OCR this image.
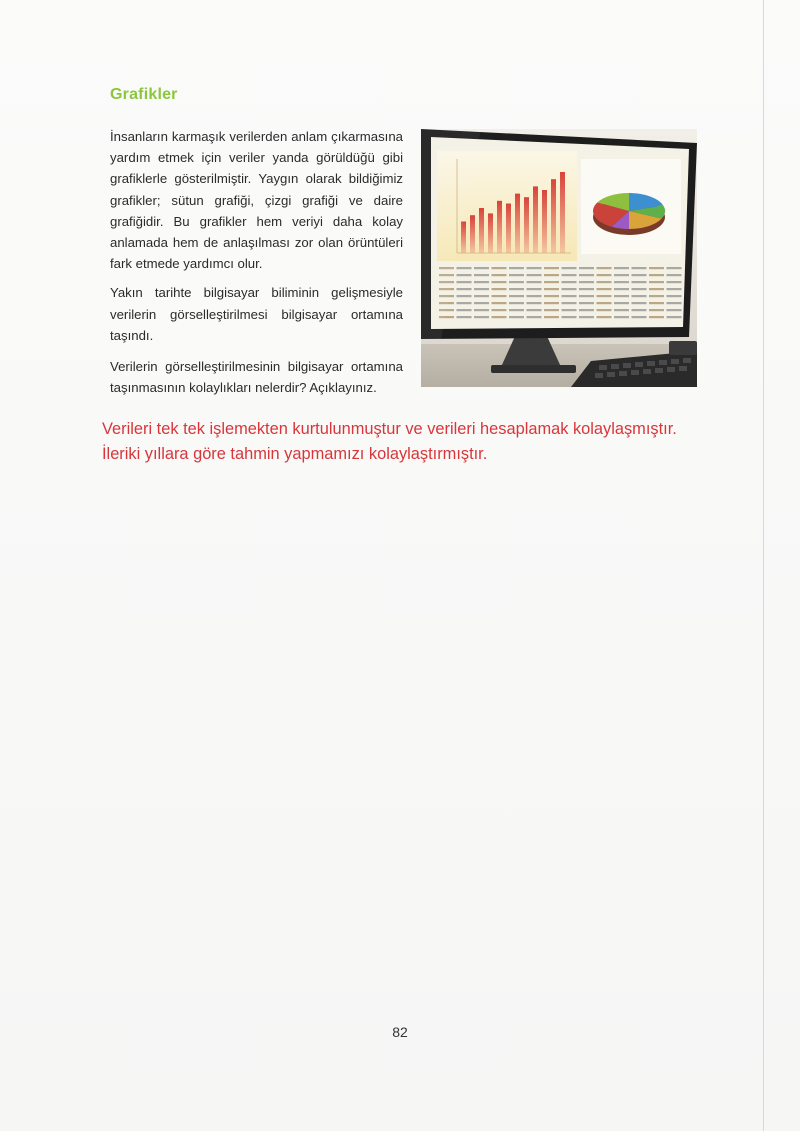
Grafikler

İnsanların karmaşık verilerden anlam çıkarmasına yardım etmek için veriler yanda görüldüğü gibi grafiklerle gösterilmiştir. Yaygın olarak bildiğimiz grafikler; sütun grafiği, çizgi grafiği ve daire grafiğidir. Bu grafikler hem veriyi daha kolay anlamada hem de anlaşılması zor olan örüntüleri fark etmede yardımcı olur.

Yakın tarihte bilgisayar biliminin gelişmesiyle verilerin görselleştirilmesi bilgisayar ortamına taşındı.

Verilerin görselleştirilmesinin bilgisayar ortamına taşınmasının kolaylıkları nelerdir? Açıklayınız.

Verileri tek tek işlemekten kurtulunmuştur ve verileri hesaplamak kolaylaşmıştır.
İleriki yıllara göre tahmin yapmamızı kolaylaştırmıştır.
82
